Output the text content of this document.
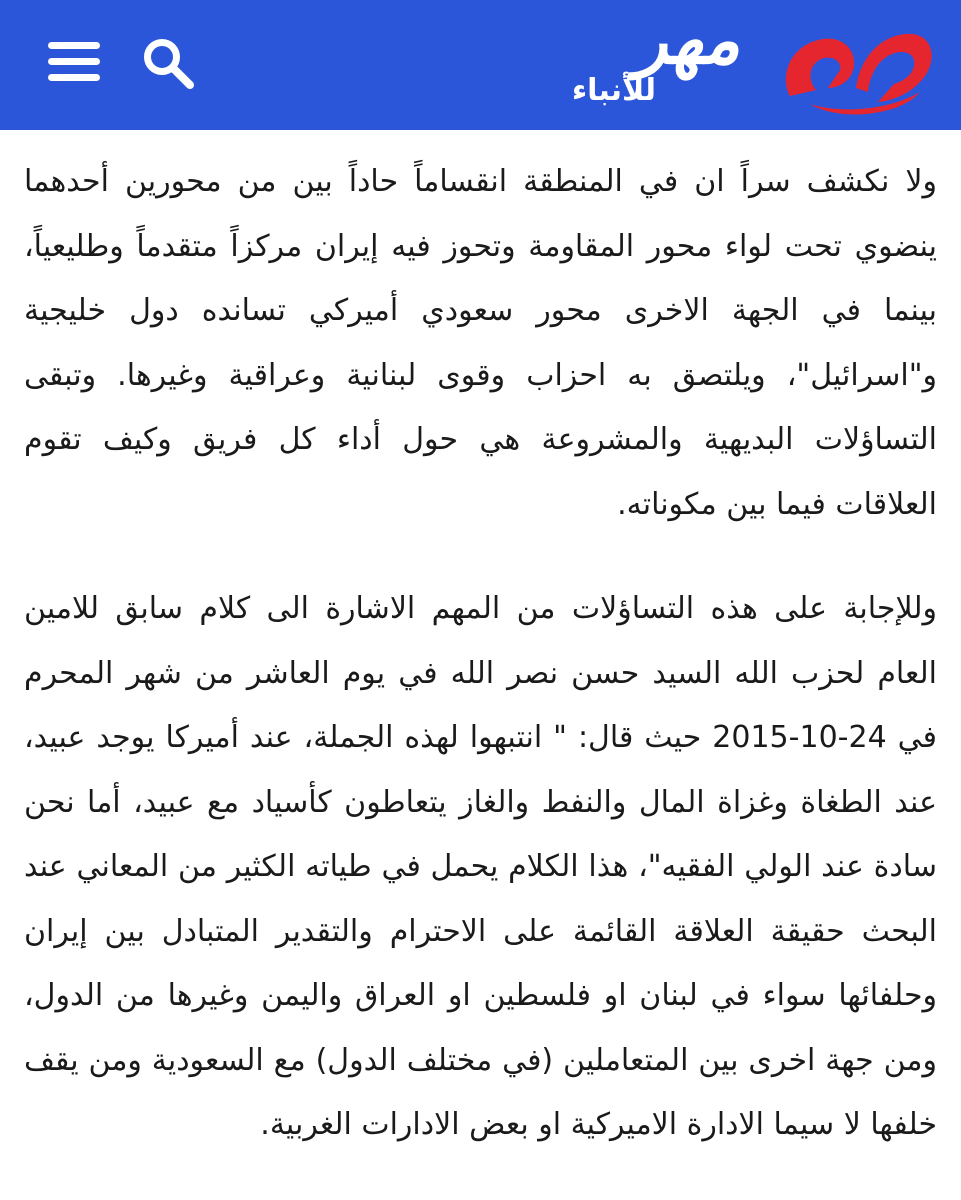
مهر
للأنباء

ولا نكشف سراً ان في المنطقة انقساماً حاداً بين من محورين أحدهما ينضوي تحت لواء محور المقاومة وتحوز فيه إيران مركزاً متقدماً وطليعياً، بينما في الجهة الاخرى محور سعودي أميركي تسانده دول خليجية و"اسرائيل"، ويلتصق به احزاب وقوى لبنانية وعراقية وغيرها. وتبقى التساؤلات البديهية والمشروعة هي حول أداء كل فريق وكيف تقوم العلاقات فيما بين مكوناته.

وللإجابة على هذه التساؤلات من المهم الاشارة الى كلام سابق للامين العام لحزب الله السيد حسن نصر الله في يوم العاشر من شهر المحرم في 24-10-2015 حيث قال: " انتبهوا لهذه الجملة، عند أميركا يوجد عبيد، عند الطغاة وغزاة المال والنفط والغاز يتعاطون كأسياد مع عبيد، أما نحن سادة عند الولي الفقيه"، هذا الكلام يحمل في طياته الكثير من المعاني عند البحث حقيقة العلاقة القائمة على الاحترام والتقدير المتبادل بين إيران وحلفائها سواء في لبنان او فلسطين او العراق واليمن وغيرها من الدول، ومن جهة اخرى بين المتعاملين (في مختلف الدول) مع السعودية ومن يقف خلفها لا سيما الادارة الاميركية او بعض الادارات الغربية.
